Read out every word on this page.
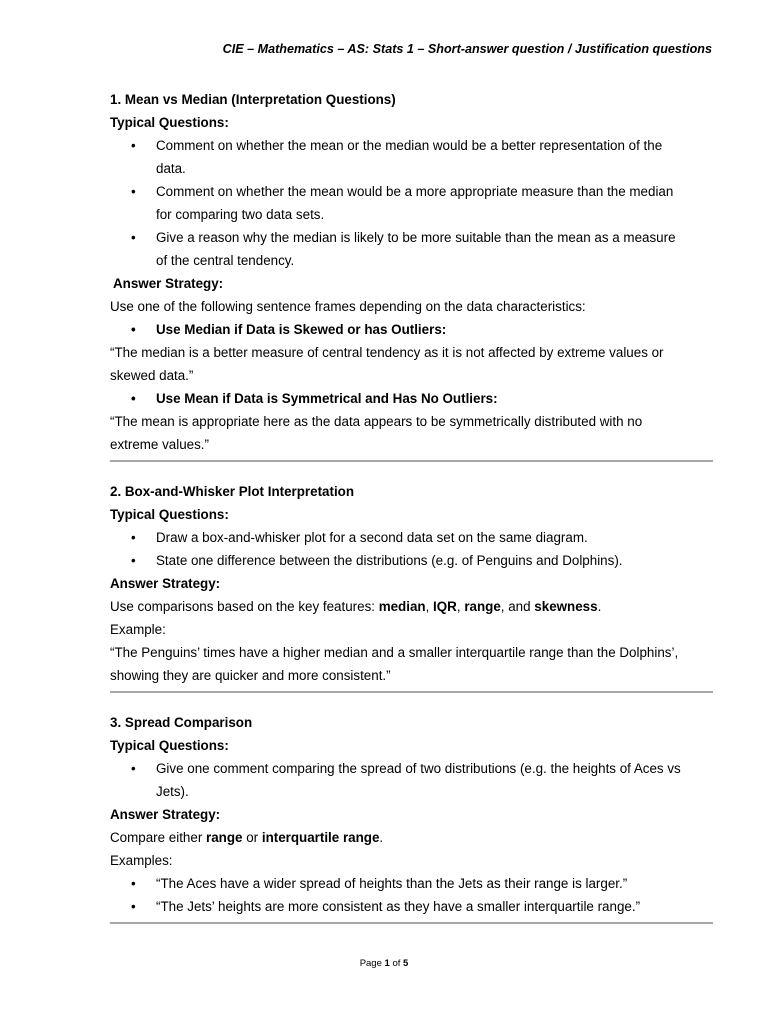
CIE – Mathematics – AS: Stats 1 – Short-answer question / Justification questions

1. Mean vs Median (Interpretation Questions)

Typical Questions:

• Comment on whether the mean or the median would be a better representation of the
data.
• Comment on whether the mean would be a more appropriate measure than the median
for comparing two data sets.
• Give a reason why the median is likely to be more suitable than the mean as a measure
of the central tendency.

Answer Strategy:

Use one of the following sentence frames depending on the data characteristics:

• Use Median if Data is Skewed or has Outliers:

“The median is a better measure of central tendency as it is not affected by extreme values or
skewed data.”

• Use Mean if Data is Symmetrical and Has No Outliers:

“The mean is appropriate here as the data appears to be symmetrically distributed with no
extreme values.”

2. Box-and-Whisker Plot Interpretation

Typical Questions:

• Draw a box-and-whisker plot for a second data set on the same diagram.
• State one difference between the distributions (e.g. of Penguins and Dolphins).

Answer Strategy:

Use comparisons based on the key features: median, IQR, range, and skewness.

Example:

“The Penguins’ times have a higher median and a smaller interquartile range than the Dolphins’,
showing they are quicker and more consistent.”

3. Spread Comparison

Typical Questions:

• Give one comment comparing the spread of two distributions (e.g. the heights of Aces vs
Jets).

Answer Strategy:

Compare either range or interquartile range.

Examples:

• “The Aces have a wider spread of heights than the Jets as their range is larger.”
• “The Jets’ heights are more consistent as they have a smaller interquartile range.”
Page 1 of 5
